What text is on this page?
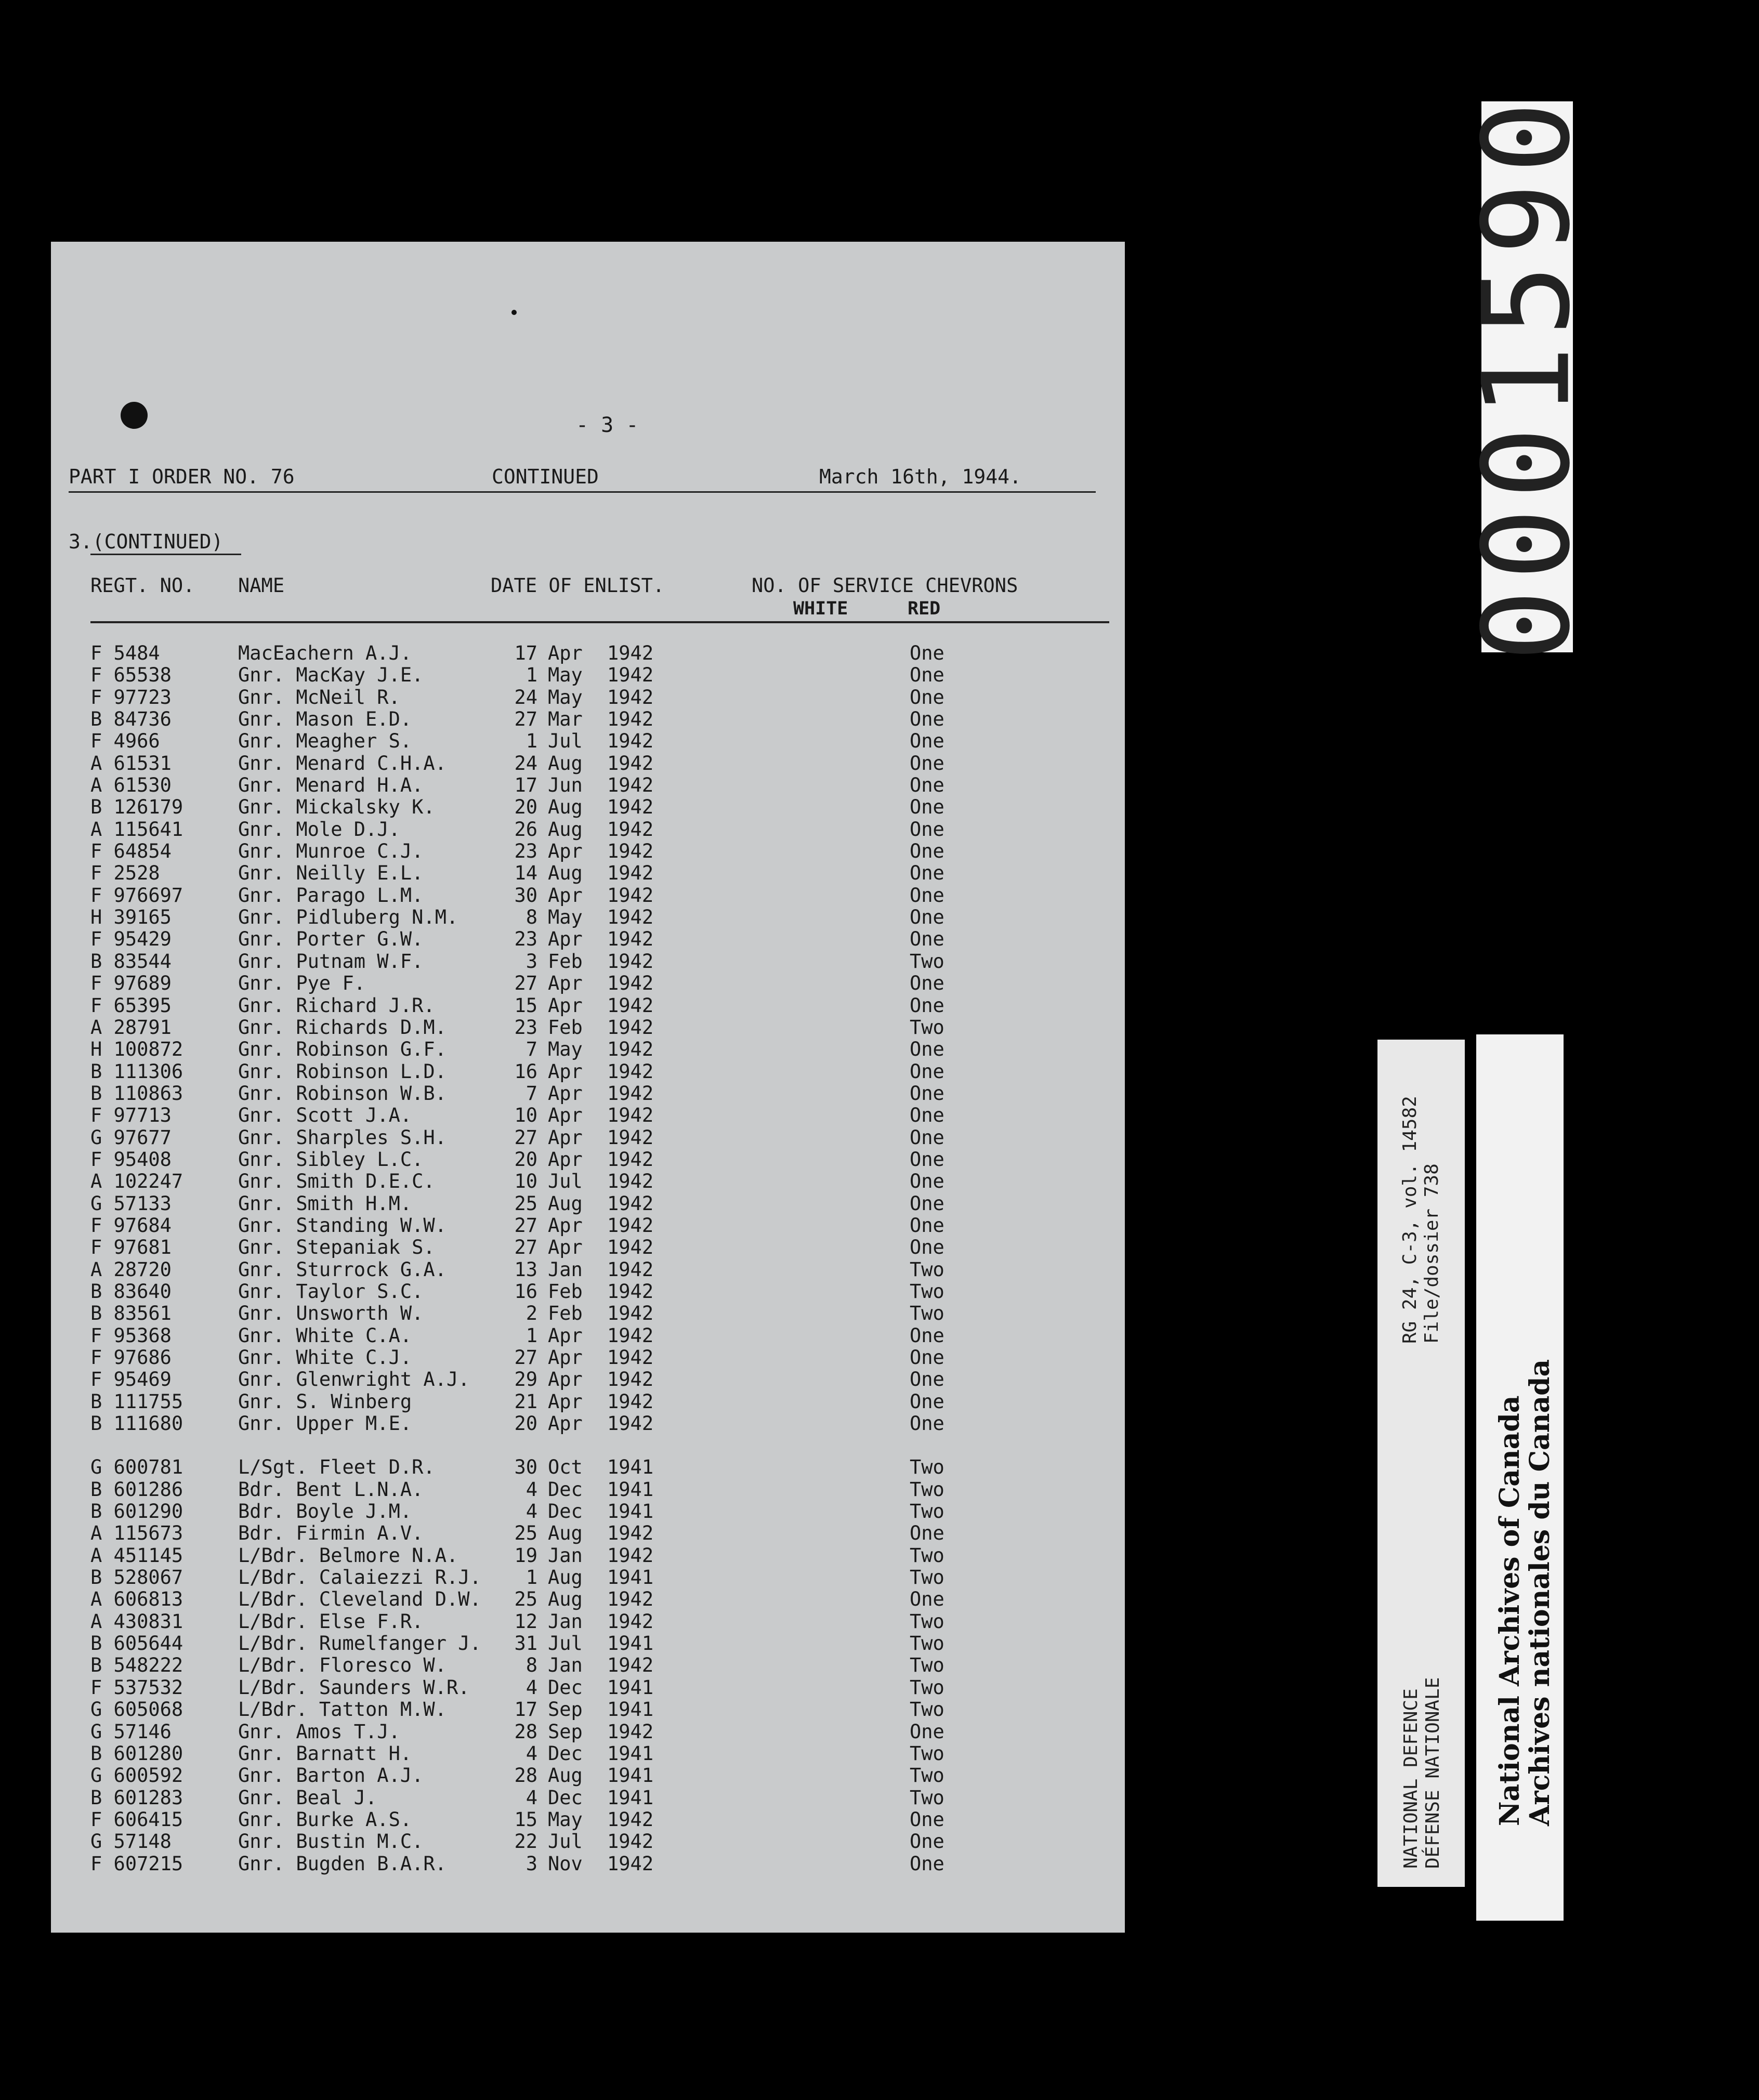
- 3 -
PART I ORDER NO. 76	CONTINUED	March 16th, 1944.
3.(CONTINUED)
REGT. NO. NAME	DATE OF ENLIST.	NO. OF SERVICE CHEVRONS
WHITE	RED
F 5484	MacEachern A.J.	17 Apr 1942	One
F 65538	Gnr. MacKay J.E.	1 May 1942	One
F 97723	Gnr. McNeil R.	24 May 1942	One
B 84736	Gnr. Mason E.D.	27 Mar 1942	One
F 4966	Gnr. Meagher S.	1 Jul 1942	One
A 61531	Gnr. Menard C.H.A.	24 Aug 1942	One
A 61530	Gnr. Menard H.A.	17 Jun 1942	One
B 126179	Gnr. Mickalsky K.	20 Aug 1942	One
A 115641	Gnr. Mole D.J.	26 Aug 1942	One
F 64854	Gnr. Munroe C.J.	23 Apr 1942	One
F 2528	Gnr. Neilly E.L.	14 Aug 1942	One
F 976697	Gnr. Parago L.M.	30 Apr 1942	One
H 39165	Gnr. Pidluberg N.M.	8 May 1942	One
F 95429	Gnr. Porter G.W.	23 Apr 1942	One
B 83544	Gnr. Putnam W.F.	3 Feb 1942	Two
F 97689	Gnr. Pye F.	27 Apr 1942	One
F 65395	Gnr. Richard J.R.	15 Apr 1942	One
A 28791	Gnr. Richards D.M.	23 Feb 1942	Two
H 100872	Gnr. Robinson G.F.	7 May 1942	One
B 111306	Gnr. Robinson L.D.	16 Apr 1942	One
B 110863	Gnr. Robinson W.B.	7 Apr 1942	One
F 97713	Gnr. Scott J.A.	10 Apr 1942	One
G 97677	Gnr. Sharples S.H.	27 Apr 1942	One
F 95408	Gnr. Sibley L.C.	20 Apr 1942	One
A 102247	Gnr. Smith D.E.C.	10 Jul 1942	One
G 57133	Gnr. Smith H.M.	25 Aug 1942	One
F 97684	Gnr. Standing W.W.	27 Apr 1942	One
F 97681	Gnr. Stepaniak S.	27 Apr 1942	One
A 28720	Gnr. Sturrock G.A.	13 Jan 1942	Two
B 83640	Gnr. Taylor S.C.	16 Feb 1942	Two
B 83561	Gnr. Unsworth W.	2 Feb 1942	Two
F 95368	Gnr. White C.A.	1 Apr 1942	One
F 97686	Gnr. White C.J.	27 Apr 1942	One
F 95469	Gnr. Glenwright A.J.	29 Apr 1942	One
B 111755	Gnr. S. Winberg	21 Apr 1942	One
B 111680	Gnr. Upper M.E.	20 Apr 1942	One
G 600781	L/Sgt. Fleet D.R.	30 Oct 1941	Two
B 601286	Bdr. Bent L.N.A.	4 Dec 1941	Two
B 601290	Bdr. Boyle J.M.	4 Dec 1941	Two
A 115673	Bdr. Firmin A.V.	25 Aug 1942	One
A 451145	L/Bdr. Belmore N.A.	19 Jan 1942	Two
B 528067	L/Bdr. Calaiezzi R.J.	1 Aug 1941	Two
A 606813	L/Bdr. Cleveland D.W.	25 Aug 1942	One
A 430831	L/Bdr. Else F.R.	12 Jan 1942	Two
B 605644	L/Bdr. Rumelfanger J.	31 Jul 1941	Two
B 548222	L/Bdr. Floresco W.	8 Jan 1942	Two
F 537532	L/Bdr. Saunders W.R.	4 Dec 1941	Two
G 605068	L/Bdr. Tatton M.W.	17 Sep 1941	Two
G 57146	Gnr. Amos T.J.	28 Sep 1942	One
B 601280	Gnr. Barnatt H.	4 Dec 1941	Two
G 600592	Gnr. Barton A.J.	28 Aug 1941	Two
B 601283	Gnr. Beal J.	4 Dec 1941	Two
F 606415	Gnr. Burke A.S.	15 May 1942	One
G 57148	Gnr. Bustin M.C.	22 Jul 1942	One
F 607215	Gnr. Bugden B.A.R.	3 Nov 1942	One
0001590
NATIONAL DEFENCE
DÉFENSE NATIONALE
RG 24, C-3, vol. 14582
File/dossier 738
National Archives of Canada
Archives nationales du Canada
